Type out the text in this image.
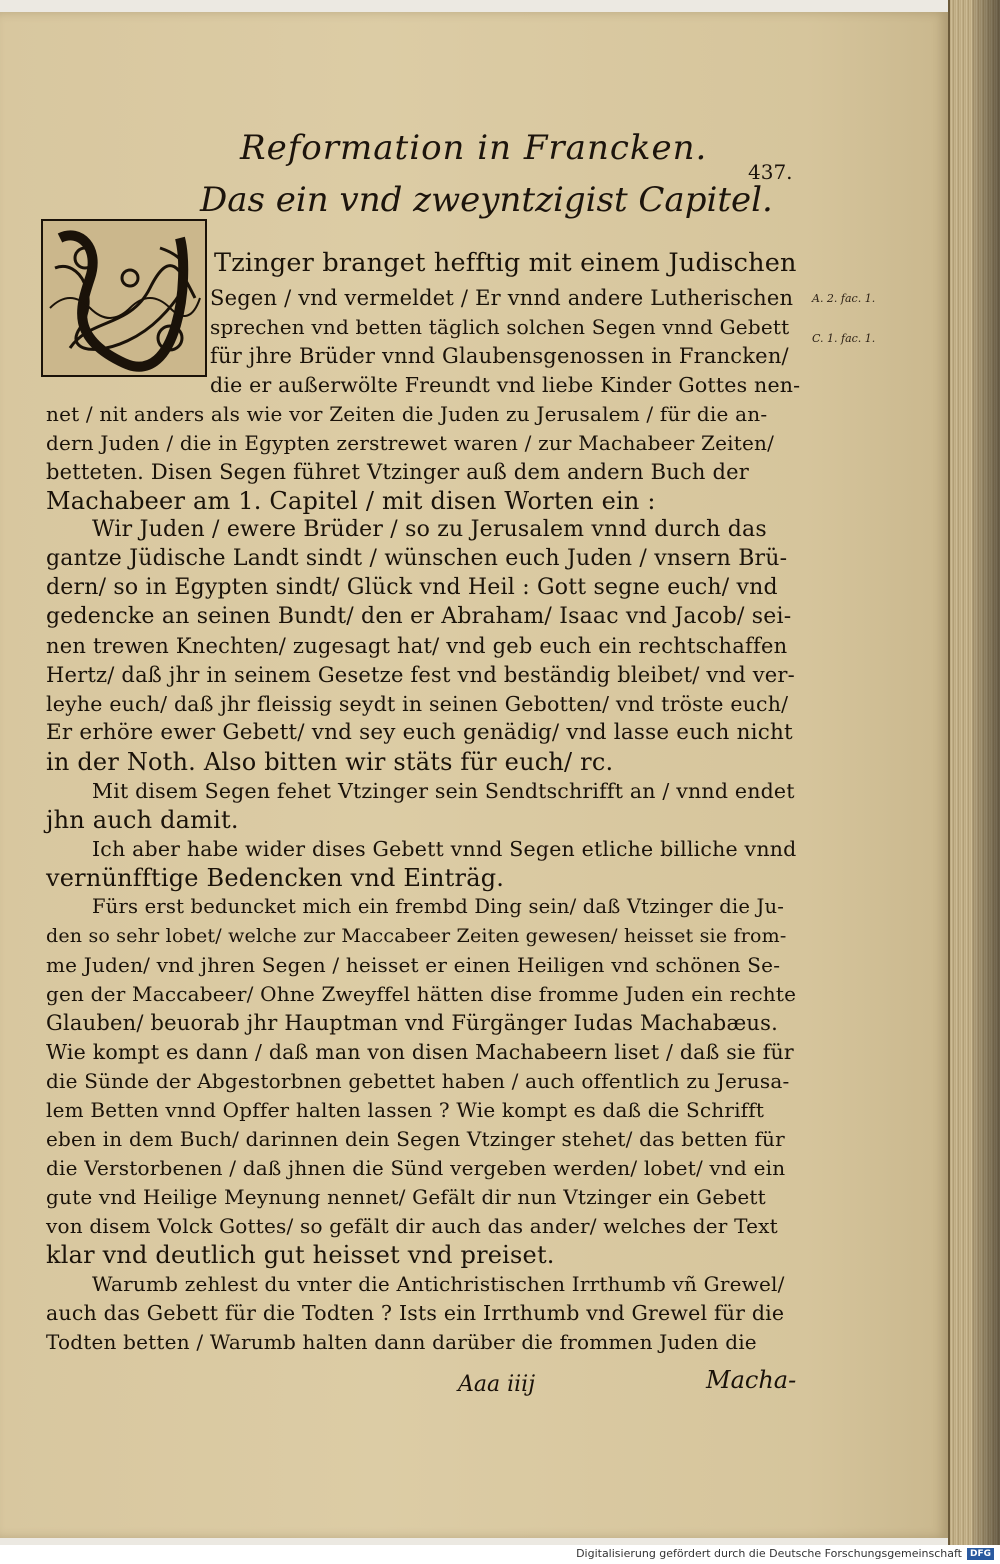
Reformation in Francken.
437.
Das ein vnd zweyntzigist Capitel.
Tzinger branget hefftig mit einem Judischen
Segen / vnd vermeldet / Er vnnd andere Lutherischen
sprechen vnd betten täglich solchen Segen vnnd Gebett
für jhre Brüder vnnd Glaubensgenossen in Francken/
die er außerwölte Freundt vnd liebe Kinder Gottes nen-
net / nit anders als wie vor Zeiten die Juden zu Jerusalem / für die an-
dern Juden / die in Egypten zerstrewet waren / zur Machabeer Zeiten/
betteten. Disen Segen führet Vtzinger auß dem andern Buch der
Machabeer am 1. Capitel / mit disen Worten ein :
Wir Juden / ewere Brüder / so zu Jerusalem vnnd durch das
gantze Jüdische Landt sindt / wünschen euch Juden / vnsern Brü-
dern/ so in Egypten sindt/ Glück vnd Heil : Gott segne euch/ vnd
gedencke an seinen Bundt/ den er Abraham/ Isaac vnd Jacob/ sei-
nen trewen Knechten/ zugesagt hat/ vnd geb euch ein rechtschaffen
Hertz/ daß jhr in seinem Gesetze fest vnd beständig bleibet/ vnd ver-
leyhe euch/ daß jhr fleissig seydt in seinen Gebotten/ vnd tröste euch/
Er erhöre ewer Gebett/ vnd sey euch genädig/ vnd lasse euch nicht
in der Noth. Also bitten wir stäts für euch/ rc.
Mit disem Segen fehet Vtzinger sein Sendtschrifft an / vnnd endet
jhn auch damit.
Ich aber habe wider dises Gebett vnnd Segen etliche billiche vnnd
vernünfftige Bedencken vnd Einträg.
Fürs erst beduncket mich ein frembd Ding sein/ daß Vtzinger die Ju-
den so sehr lobet/ welche zur Maccabeer Zeiten gewesen/ heisset sie from-
me Juden/ vnd jhren Segen / heisset er einen Heiligen vnd schönen Se-
gen der Maccabeer/ Ohne Zweyffel hätten dise fromme Juden ein rechte
Glauben/ beuorab jhr Hauptman vnd Fürgänger Iudas Machabæus.
Wie kompt es dann / daß man von disen Machabeern liset / daß sie für
die Sünde der Abgestorbnen gebettet haben / auch offentlich zu Jerusa-
lem Betten vnnd Opffer halten lassen ? Wie kompt es daß die Schrifft
eben in dem Buch/ darinnen dein Segen Vtzinger stehet/ das betten für
die Verstorbenen / daß jhnen die Sünd vergeben werden/ lobet/ vnd ein
gute vnd Heilige Meynung nennet/ Gefält dir nun Vtzinger ein Gebett
von disem Volck Gottes/ so gefält dir auch das ander/ welches der Text
klar vnd deutlich gut heisset vnd preiset.
Warumb zehlest du vnter die Antichristischen Irrthumb vñ Grewel/
auch das Gebett für die Todten ? Ists ein Irrthumb vnd Grewel für die
Todten betten / Warumb halten dann darüber die frommen Juden die
A. 2. fac. 1.
C. 1. fac. 1.
Aaa iiij	Macha-
Digitalisierung gefördert durch die Deutsche Forschungsgemeinschaft DFG
